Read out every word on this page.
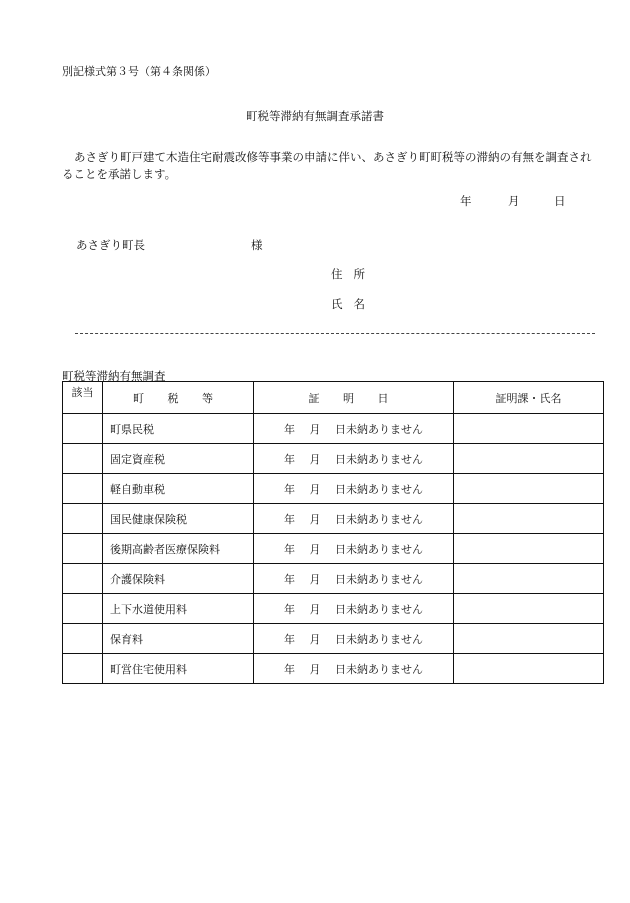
別記様式第３号（第４条関係）
町税等滞納有無調査承諾書
あさぎり町戸建て木造住宅耐震改修等事業の申請に伴い、あさぎり町町税等の滞納の有無を調査されることを承諾します。
年	月	日
あさぎり町長	様
住所
氏名
町税等滞納有無調査
該当	町 税 等	証 明 日	証明課・氏名
	町県民税	年　 月　 日未納ありません	
	固定資産税	年　 月　 日未納ありません	
	軽自動車税	年　 月　 日未納ありません	
	国民健康保険税	年　 月　 日未納ありません	
	後期高齢者医療保険料	年　 月　 日未納ありません	
	介護保険料	年　 月　 日未納ありません	
	上下水道使用料	年　 月　 日未納ありません	
	保育料	年　 月　 日未納ありません	
	町営住宅使用料	年　 月　 日未納ありません	
